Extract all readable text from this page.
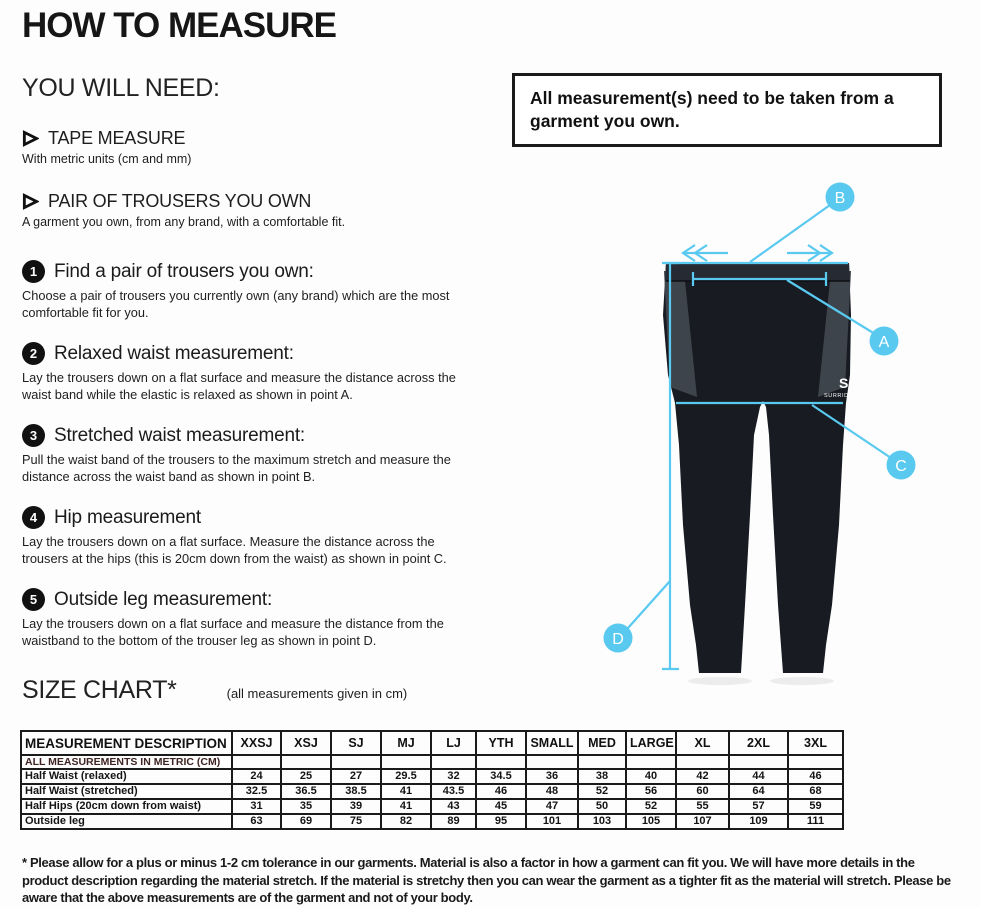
HOW TO MEASURE
YOU WILL NEED:
TAPE MEASURE
With metric units (cm and mm)
PAIR OF TROUSERS YOU OWN
A garment you own, from any brand, with a comfortable fit.
1 Find a pair of trousers you own:
Choose a pair of trousers you currently own (any brand) which are the most comfortable fit for you.
2 Relaxed waist measurement:
Lay the trousers down on a flat surface and measure the distance across the waist band while the elastic is relaxed as shown in point A.
3 Stretched waist measurement:
Pull the waist band of the trousers to the maximum stretch and measure the distance across the waist band as shown in point B.
4 Hip measurement
Lay the trousers down on a flat surface. Measure the distance across the trousers at the hips (this is 20cm down from the waist) as shown in point C.
5 Outside leg measurement:
Lay the trousers down on a flat surface and measure the distance from the waistband to the bottom of the trouser leg as shown in point D.
All measurement(s) need to be taken from a garment you own.
S
SURRIDGE
B
A
C
D
SIZE CHART*	(all measurements given in cm)
MEASUREMENT DESCRIPTION	XXSJ	XSJ	SJ	MJ	LJ	YTH	SMALL	MED	LARGE	XL	2XL	3XL
ALL MEASUREMENTS IN METRIC (CM)												
Half Waist (relaxed)	24	25	27	29.5	32	34.5	36	38	40	42	44	46
Half Waist (stretched)	32.5	36.5	38.5	41	43.5	46	48	52	56	60	64	68
Half Hips (20cm down from waist)	31	35	39	41	43	45	47	50	52	55	57	59
Outside leg	63	69	75	82	89	95	101	103	105	107	109	111
* Please allow for a plus or minus 1-2 cm tolerance in our garments. Material is also a factor in how a garment can fit you. We will have more details in the product description regarding the material stretch. If the material is stretchy then you can wear the garment as a tighter fit as the material will stretch. Please be aware that the above measurements are of the garment and not of your body.
